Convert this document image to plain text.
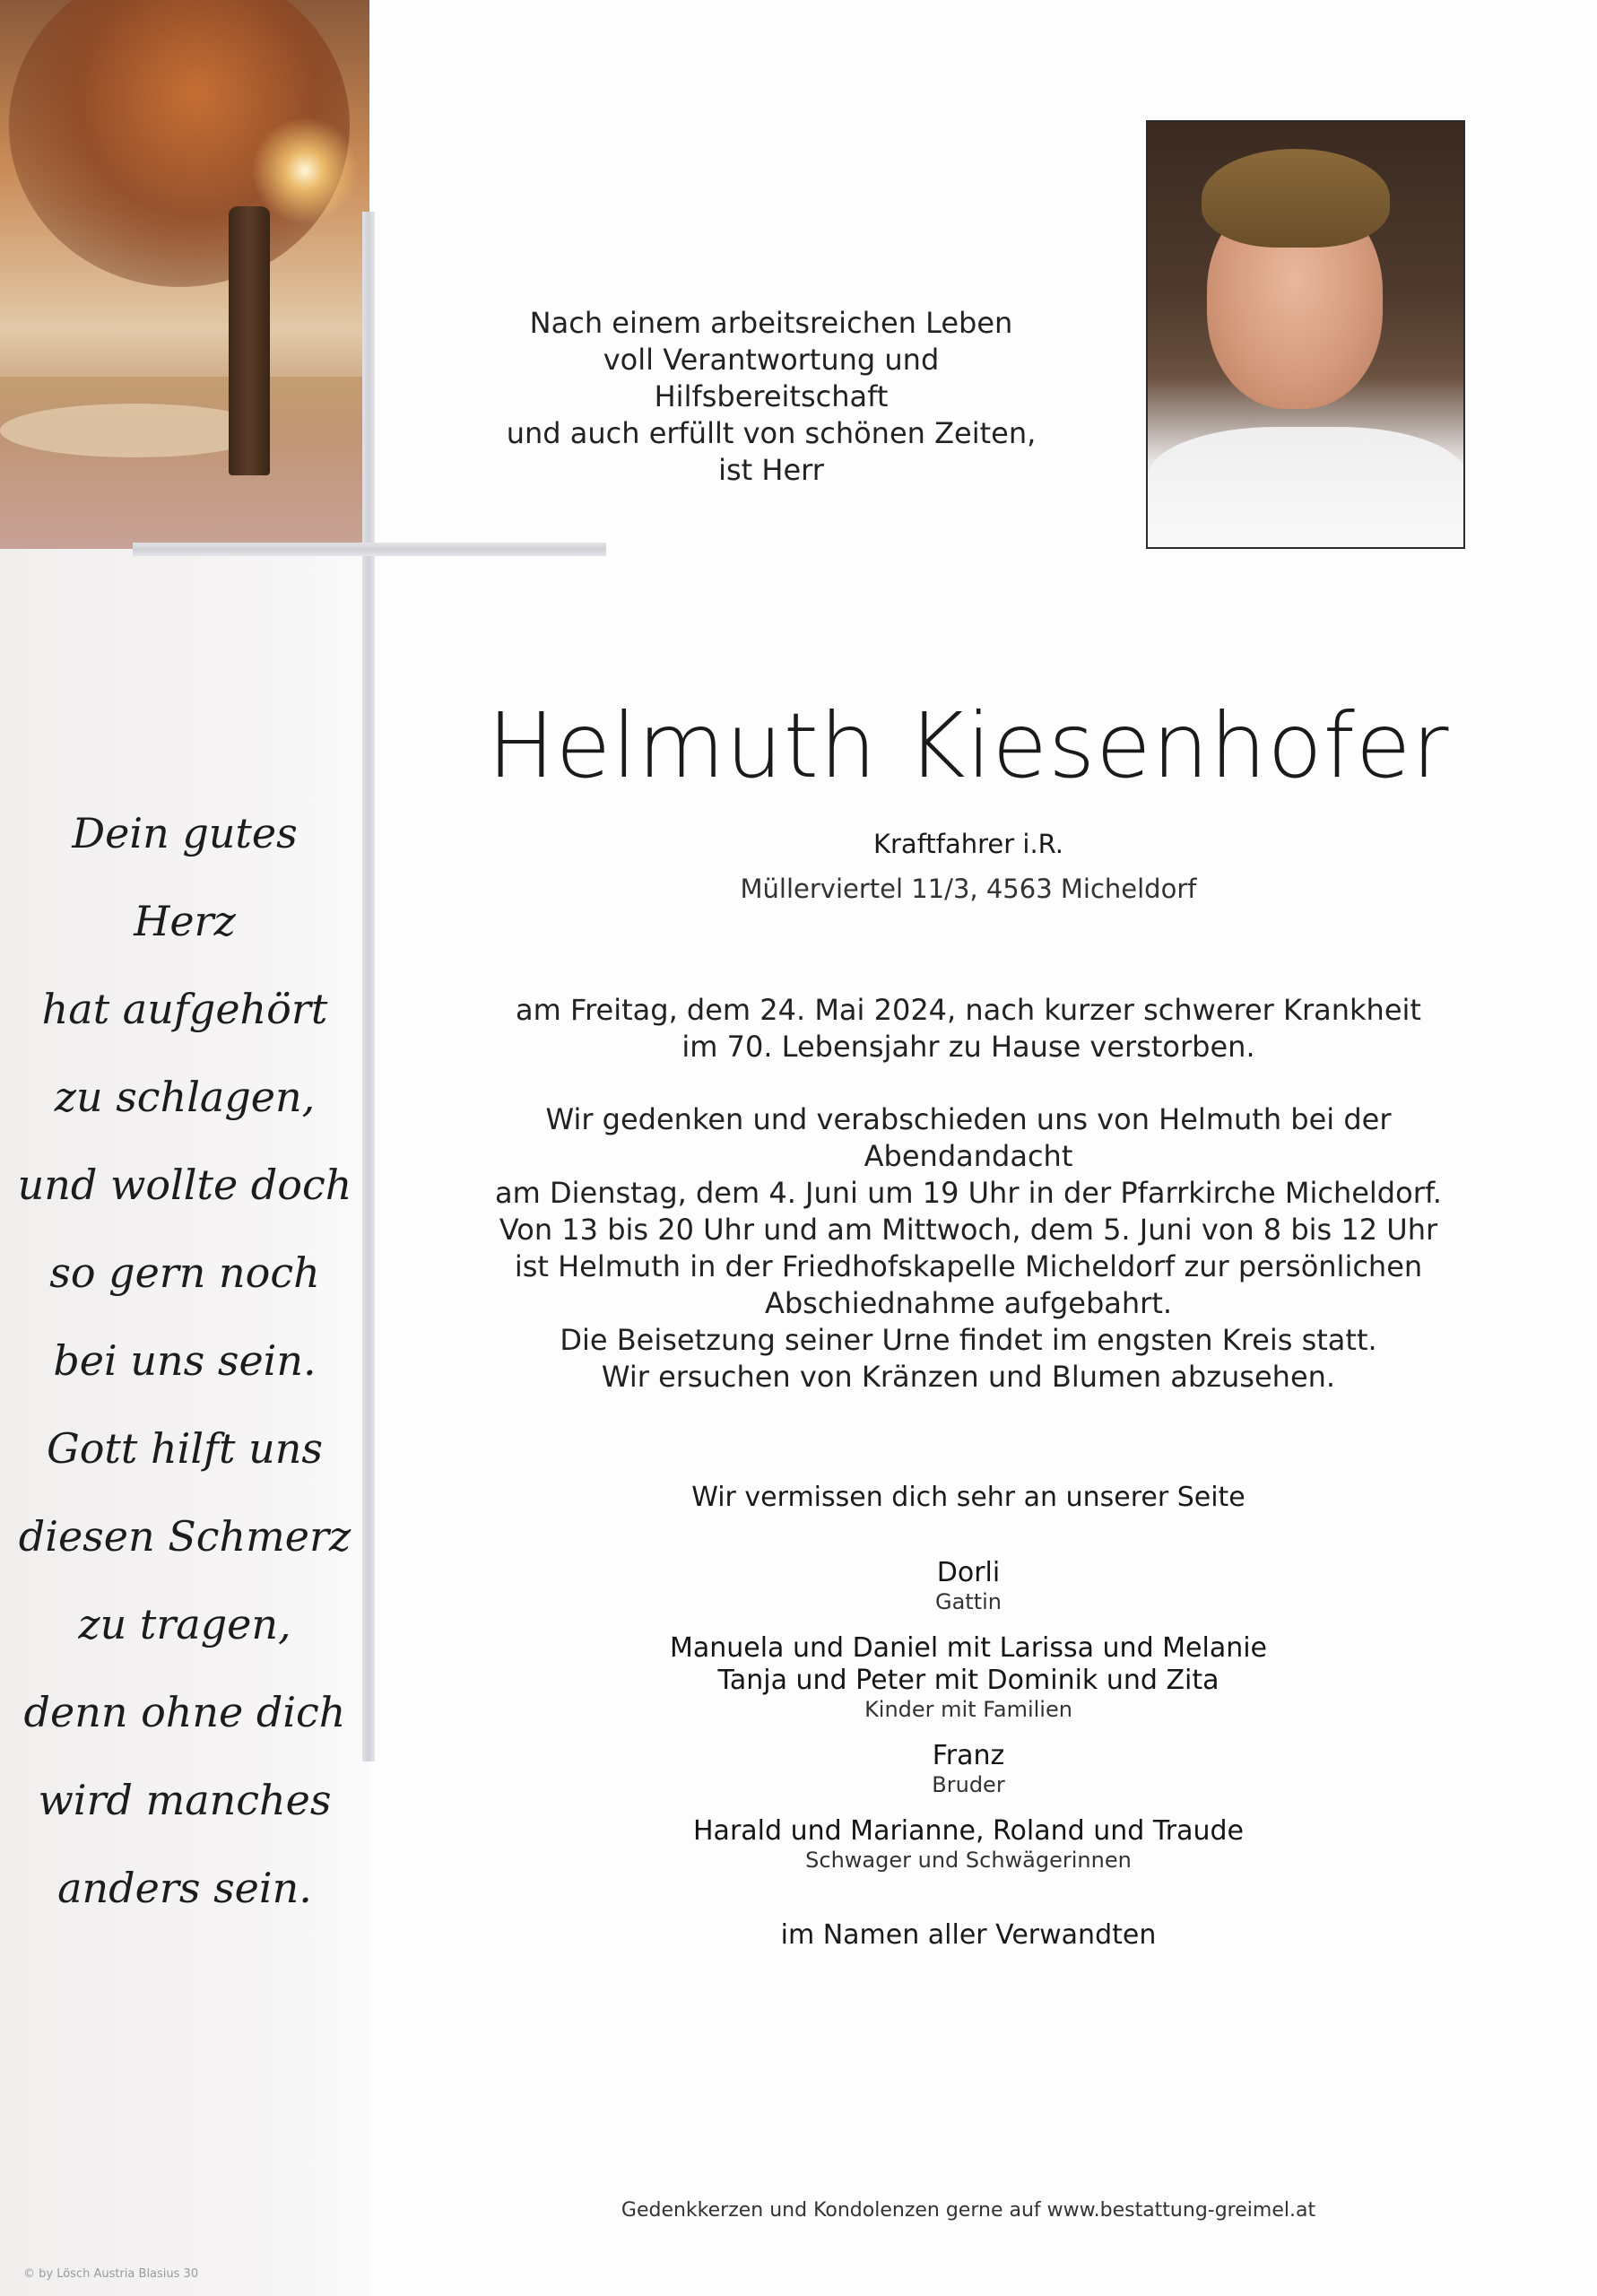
Dein gutes
Herz
hat aufgehört
zu schlagen,
und wollte doch
so gern noch
bei uns sein.
Gott hilft uns
diesen Schmerz
zu tragen,
denn ohne dich
wird manches
anders sein.
Nach einem arbeitsreichen Leben
voll Verantwortung und Hilfsbereitschaft
und auch erfüllt von schönen Zeiten,
ist Herr
Helmuth Kiesenhofer

Kraftfahrer i.R.

Müllerviertel 11/3, 4563 Micheldorf

am Freitag, dem 24. Mai 2024, nach kurzer schwerer Krankheit
im 70. Lebensjahr zu Hause verstorben.
Wir gedenken und verabschieden uns von Helmuth bei der Abendandacht
am Dienstag, dem 4. Juni um 19 Uhr in der Pfarrkirche Micheldorf.
Von 13 bis 20 Uhr und am Mittwoch, dem 5. Juni von 8 bis 12 Uhr
ist Helmuth in der Friedhofskapelle Micheldorf zur persönlichen
Abschiednahme aufgebahrt.
Die Beisetzung seiner Urne findet im engsten Kreis statt.
Wir ersuchen von Kränzen und Blumen abzusehen.

Wir vermissen dich sehr an unserer Seite

Dorli

Gattin

Manuela und Daniel mit Larissa und Melanie

Tanja und Peter mit Dominik und Zita

Kinder mit Familien

Franz

Bruder

Harald und Marianne, Roland und Traude

Schwager und Schwägerinnen

im Namen aller Verwandten

Gedenkkerzen und Kondolenzen gerne auf www.bestattung-greimel.at

© by Lösch Austria Blasius 30
